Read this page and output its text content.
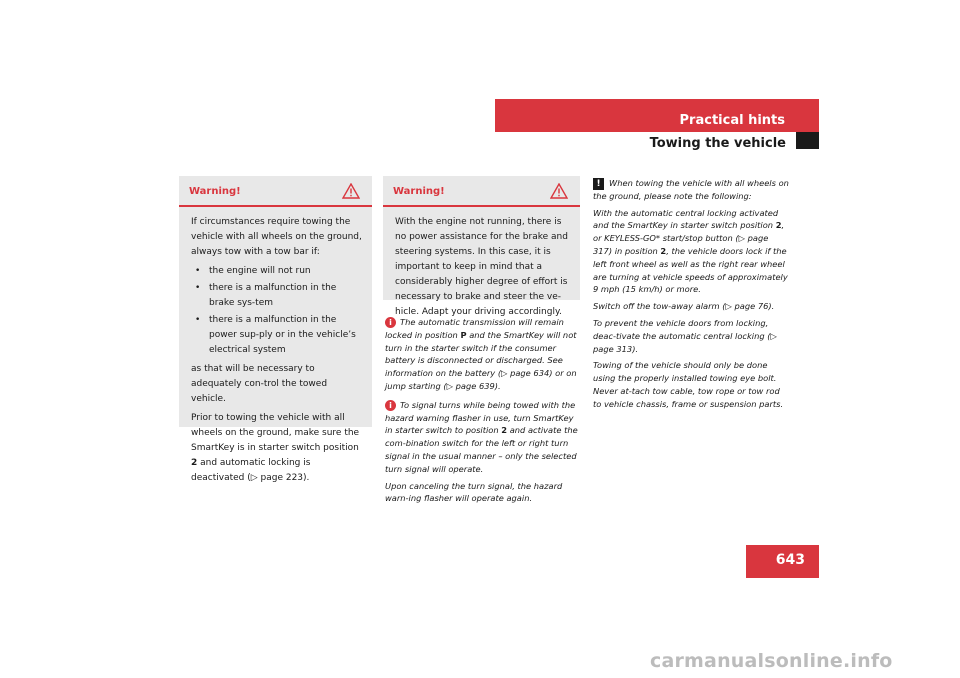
Practical hints
Towing the vehicle
Warning!

If circumstances require towing the vehicle with all wheels on the ground, always tow with a tow bar if:

• the engine will not run
• there is a malfunction in the brake sys-tem
• there is a malfunction in the power sup-ply or in the vehicle’s electrical system

as that will be necessary to adequately con-trol the towed vehicle.

Prior to towing the vehicle with all wheels on the ground, make sure the SmartKey is in starter switch position 2 and automatic locking is deactivated (▷ page 223).

Warning!

With the engine not running, there is no power assistance for the brake and steering systems. In this case, it is important to keep in mind that a considerably higher degree of effort is necessary to brake and steer the ve-hicle. Adapt your driving accordingly.

i The automatic transmission will remain locked in position P and the SmartKey will not turn in the starter switch if the consumer battery is disconnected or discharged. See information on the battery (▷ page 634) or on jump starting (▷ page 639).

i To signal turns while being towed with the hazard warning flasher in use, turn SmartKey in starter switch to position 2 and activate the com-bination switch for the left or right turn signal in the usual manner – only the selected turn signal will operate.

Upon canceling the turn signal, the hazard warn-ing flasher will operate again.

! When towing the vehicle with all wheels on the ground, please note the following:

With the automatic central locking activated and the SmartKey in starter switch position 2, or KEYLESS-GO* start/stop button (▷ page 317) in position 2, the vehicle doors lock if the left front wheel as well as the right rear wheel are turning at vehicle speeds of approximately 9 mph (15 km/h) or more.

Switch off the tow-away alarm (▷ page 76).

To prevent the vehicle doors from locking, deac-tivate the automatic central locking (▷ page 313).

Towing of the vehicle should only be done using the properly installed towing eye bolt. Never at-tach tow cable, tow rope or tow rod to vehicle chassis, frame or suspension parts.

643
carmanualsonline.info
